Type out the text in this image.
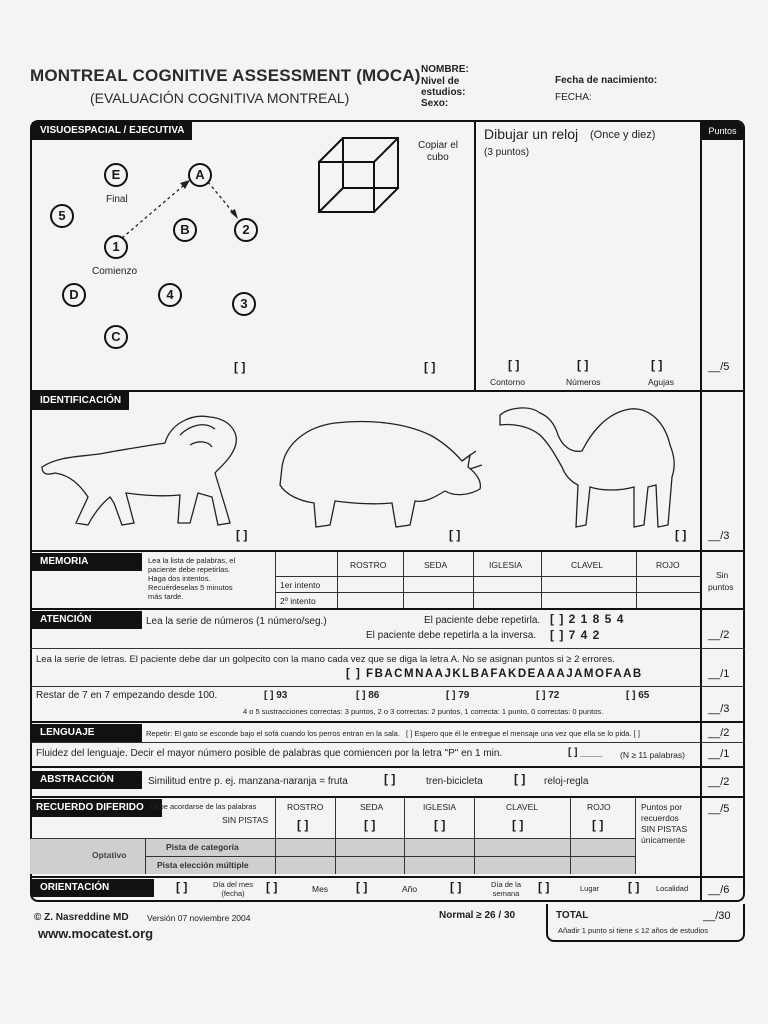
MONTREAL COGNITIVE ASSESSMENT (MOCA)
(EVALUACIÓN COGNITIVA MONTREAL)
NOMBRE:
Nivel de
estudios:
Sexo:
Fecha de nacimiento:
FECHA:
Puntos
VISUOESPACIAL / EJECUTIVA
E	A
5
B	2
1
D	4
3
C
Final
Comienzo
Copiar el
cubo
[ ]	[ ]
Dibujar un reloj (Once y diez)
(3 puntos)
[ ]	[ ]	[ ]
Contorno	Números	Agujas
__/5
IDENTIFICACIÓN
[ ]	[ ]	[ ] __/3
MEMORIA	Lea la lista de palabras, el
paciente debe repetirlas.
Haga dos intentos.
Recuérdeselas 5 minutos
más tarde.
ROSTRO	SEDA	IGLESIA	CLAVEL	ROJO
1er intento
2º intento
Sin
puntos
ATENCIÓN	Lea la serie de números (1 número/seg.)	El paciente debe repetirla. [ ] 2 1 8 5 4
El paciente debe repetirla a la inversa. [ ] 7 4 2	__/2
Lea la serie de letras. El paciente debe dar un golpecito con la mano cada vez que se diga la letra A. No se asignan puntos si ≥ 2 errores.
[ ] FBACMNAAJKLBAFAKDEAAAJAMOFAAB	__/1
Restar de 7 en 7 empezando desde 100.	[ ] 93	[ ] 86	[ ] 79	[ ] 72	[ ] 65
4 o 5 sustracciones correctas: 3 puntos, 2 o 3 correctas: 2 puntos, 1 correcta: 1 punto, 0 correctas: 0 puntos.	__/3
LENGUAJE	Repetir: El gato se esconde bajo el sofá cuando los perros entran en la sala. [ ] Espero que él le entregue el mensaje una vez que ella se lo pida. [ ]	__/2
Fluidez del lenguaje. Decir el mayor número posible de palabras que comiencen por la letra "P" en 1 min.	[ ] ____ (N ≥ 11 palabras) __/1
ABSTRACCIÓN	Similitud entre p. ej. manzana-naranja = fruta	[ ]	tren-bicicleta	[ ] reloj-regla	__/2
RECUERDO DIFERIDO Debe acordarse de las palabras
SIN PISTAS
ROSTRO	SEDA	IGLESIA	CLAVEL	ROJO
[ ]	[ ]	[ ]	[ ]	[ ]
Puntos por
recuerdos
SIN PISTAS
únicamente
__/5
Optativo
Pista de categoría
Pista elección múltiple
ORIENTACIÓN	[ ]	Día del mes (fecha)	[ ]	Mes [ ]	Año	[ ]	Día de la semana	[ ]	Lugar [ ] Localidad __/6
© Z. Nasreddine MD Versión 07 noviembre 2004
www.mocatest.org
Normal ≥ 26 / 30	TOTAL	__/30
Añadir 1 punto si tiene ≤ 12 años de estudios
